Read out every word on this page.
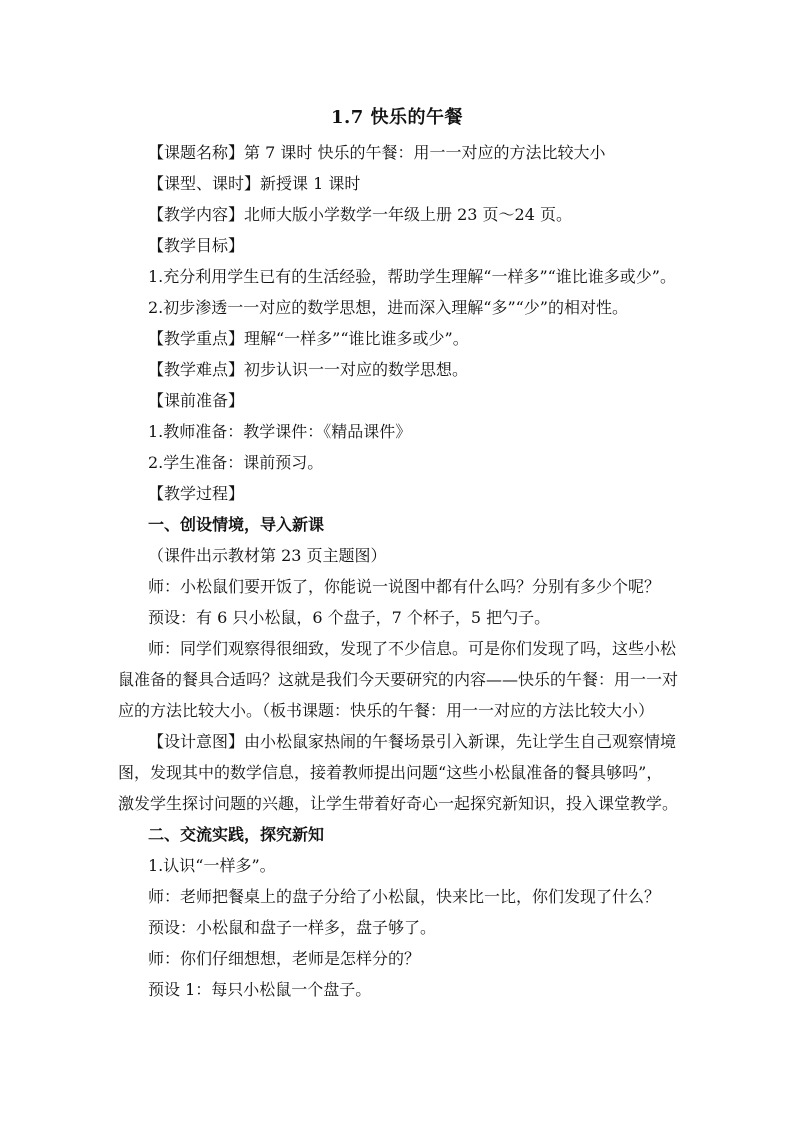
1.7 快乐的午餐
【课题名称】第 7 课时 快乐的午餐：用一一对应的方法比较大小
【课型、课时】新授课 1 课时
【教学内容】北师大版小学数学一年级上册 23 页～24 页。
【教学目标】
1.充分利用学生已有的生活经验，帮助学生理解“一样多”“谁比谁多或少”。
2.初步渗透一一对应的数学思想，进而深入理解“多”“少”的相对性。
【教学重点】理解“一样多”“谁比谁多或少”。
【教学难点】初步认识一一对应的数学思想。
【课前准备】
1.教师准备：教学课件：《精品课件》
2.学生准备：课前预习。
【教学过程】
一、创设情境，导入新课
（课件出示教材第 23 页主题图）
师：小松鼠们要开饭了，你能说一说图中都有什么吗？分别有多少个呢？
预设：有 6 只小松鼠，6 个盘子，7 个杯子，5 把勺子。
师：同学们观察得很细致，发现了不少信息。可是你们发现了吗，这些小松
鼠准备的餐具合适吗？这就是我们今天要研究的内容——快乐的午餐：用一一对
应的方法比较大小。（板书课题：快乐的午餐：用一一对应的方法比较大小）
【设计意图】由小松鼠家热闹的午餐场景引入新课，先让学生自己观察情境
图，发现其中的数学信息，接着教师提出问题“这些小松鼠准备的餐具够吗”，
激发学生探讨问题的兴趣，让学生带着好奇心一起探究新知识，投入课堂教学。
二、交流实践，探究新知
1.认识“一样多”。
师：老师把餐桌上的盘子分给了小松鼠，快来比一比，你们发现了什么？
预设：小松鼠和盘子一样多，盘子够了。
师：你们仔细想想，老师是怎样分的？
预设 1：每只小松鼠一个盘子。
